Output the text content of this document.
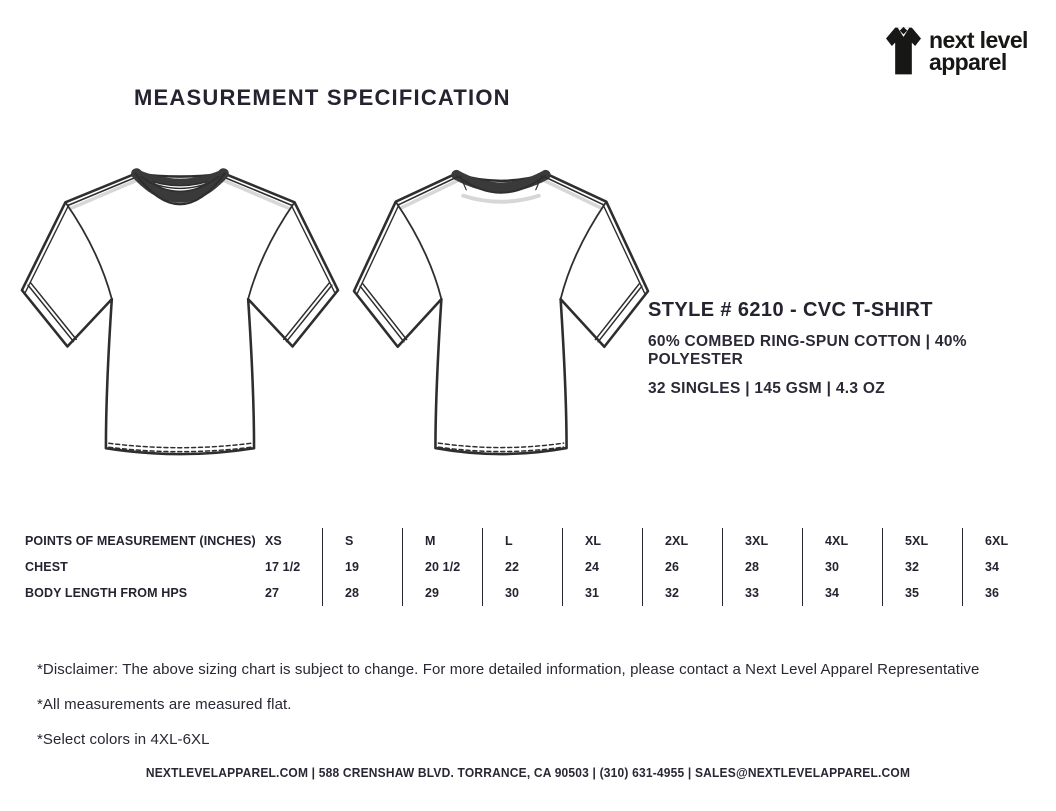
next level
apparel
MEASUREMENT SPECIFICATION
STYLE # 6210 - CVC T-SHIRT
60% COMBED RING-SPUN COTTON | 40% POLYESTER
32 SINGLES | 145 GSM | 4.3 OZ
POINTS OF MEASUREMENT (INCHES) XS	S	M	L	XL	2XL	3XL	4XL	5XL	6XL
CHEST	17 1/2	19	20 1/2	22	24	26	28	30	32	34
BODY LENGTH FROM HPS	27	28	29	30	31	32	33	34	35	36
*Disclaimer: The above sizing chart is subject to change. For more detailed information, please contact a Next Level Apparel Representative
*All measurements are measured flat.
*Select colors in 4XL-6XL
NEXTLEVELAPPAREL.COM | 588 CRENSHAW BLVD. TORRANCE, CA 90503 | (310) 631-4955 | SALES@NEXTLEVELAPPAREL.COM
